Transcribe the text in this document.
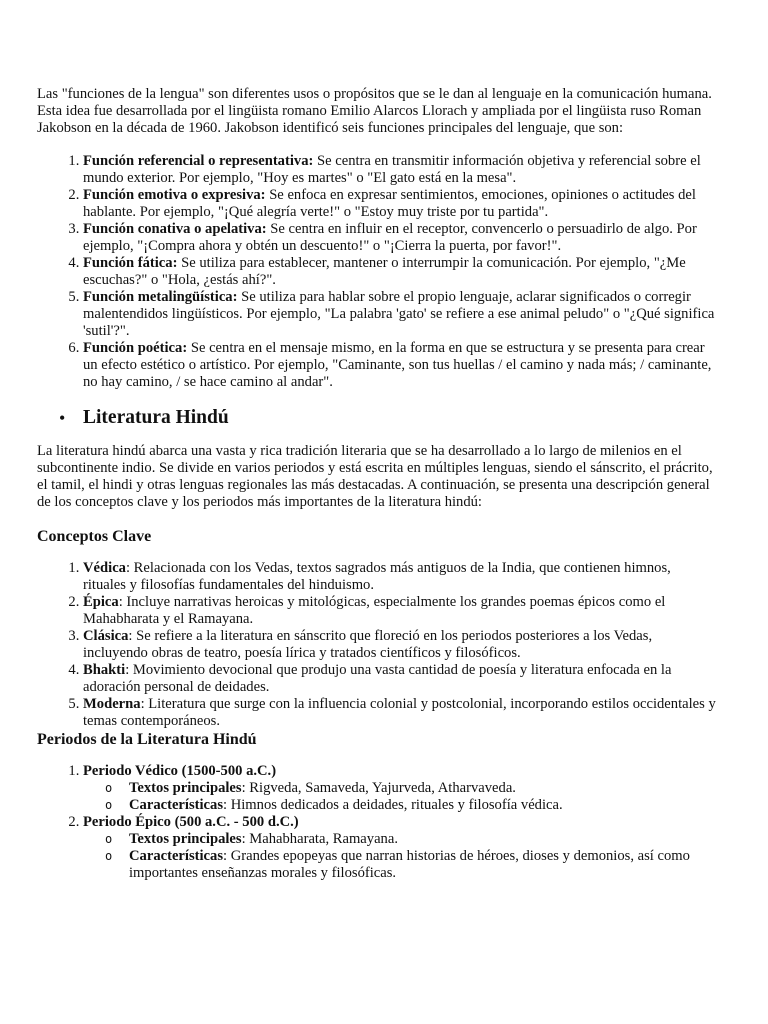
Las "funciones de la lengua" son diferentes usos o propósitos que se le dan al lenguaje en la comunicación humana. Esta idea fue desarrollada por el lingüista romano Emilio Alarcos Llorach y ampliada por el lingüista ruso Roman Jakobson en la década de 1960. Jakobson identificó seis funciones principales del lenguaje, que son:

1. Función referencial o representativa: Se centra en transmitir información objetiva y referencial sobre el mundo exterior. Por ejemplo, "Hoy es martes" o "El gato está en la mesa".
2. Función emotiva o expresiva: Se enfoca en expresar sentimientos, emociones, opiniones o actitudes del hablante. Por ejemplo, "¡Qué alegría verte!" o "Estoy muy triste por tu partida".
3. Función conativa o apelativa: Se centra en influir en el receptor, convencerlo o persuadirlo de algo. Por ejemplo, "¡Compra ahora y obtén un descuento!" o "¡Cierra la puerta, por favor!".
4. Función fática: Se utiliza para establecer, mantener o interrumpir la comunicación. Por ejemplo, "¿Me escuchas?" o "Hola, ¿estás ahí?".
5. Función metalingüística: Se utiliza para hablar sobre el propio lenguaje, aclarar significados o corregir malentendidos lingüísticos. Por ejemplo, "La palabra 'gato' se refiere a ese animal peludo" o "¿Qué significa 'sutil'?".
6. Función poética: Se centra en el mensaje mismo, en la forma en que se estructura y se presenta para crear un efecto estético o artístico. Por ejemplo, "Caminante, son tus huellas / el camino y nada más; / caminante, no hay camino, / se hace camino al andar".
• Literatura Hindú

La literatura hindú abarca una vasta y rica tradición literaria que se ha desarrollado a lo largo de milenios en el subcontinente indio. Se divide en varios periodos y está escrita en múltiples lenguas, siendo el sánscrito, el prácrito, el tamil, el hindi y otras lenguas regionales las más destacadas. A continuación, se presenta una descripción general de los conceptos clave y los periodos más importantes de la literatura hindú:

Conceptos Clave
1. Védica: Relacionada con los Vedas, textos sagrados más antiguos de la India, que contienen himnos, rituales y filosofías fundamentales del hinduismo.
2. Épica: Incluye narrativas heroicas y mitológicas, especialmente los grandes poemas épicos como el Mahabharata y el Ramayana.
3. Clásica: Se refiere a la literatura en sánscrito que floreció en los periodos posteriores a los Vedas, incluyendo obras de teatro, poesía lírica y tratados científicos y filosóficos.
4. Bhakti: Movimiento devocional que produjo una vasta cantidad de poesía y literatura enfocada en la adoración personal de deidades.
5. Moderna: Literatura que surge con la influencia colonial y postcolonial, incorporando estilos occidentales y temas contemporáneos.
Periodos de la Literatura Hindú
1. Periodo Védico (1500-500 a.C.)
o Textos principales: Rigveda, Samaveda, Yajurveda, Atharvaveda.
o Características: Himnos dedicados a deidades, rituales y filosofía védica.
2. Periodo Épico (500 a.C. - 500 d.C.)
o Textos principales: Mahabharata, Ramayana.
o Características: Grandes epopeyas que narran historias de héroes, dioses y demonios, así como importantes enseñanzas morales y filosóficas.
